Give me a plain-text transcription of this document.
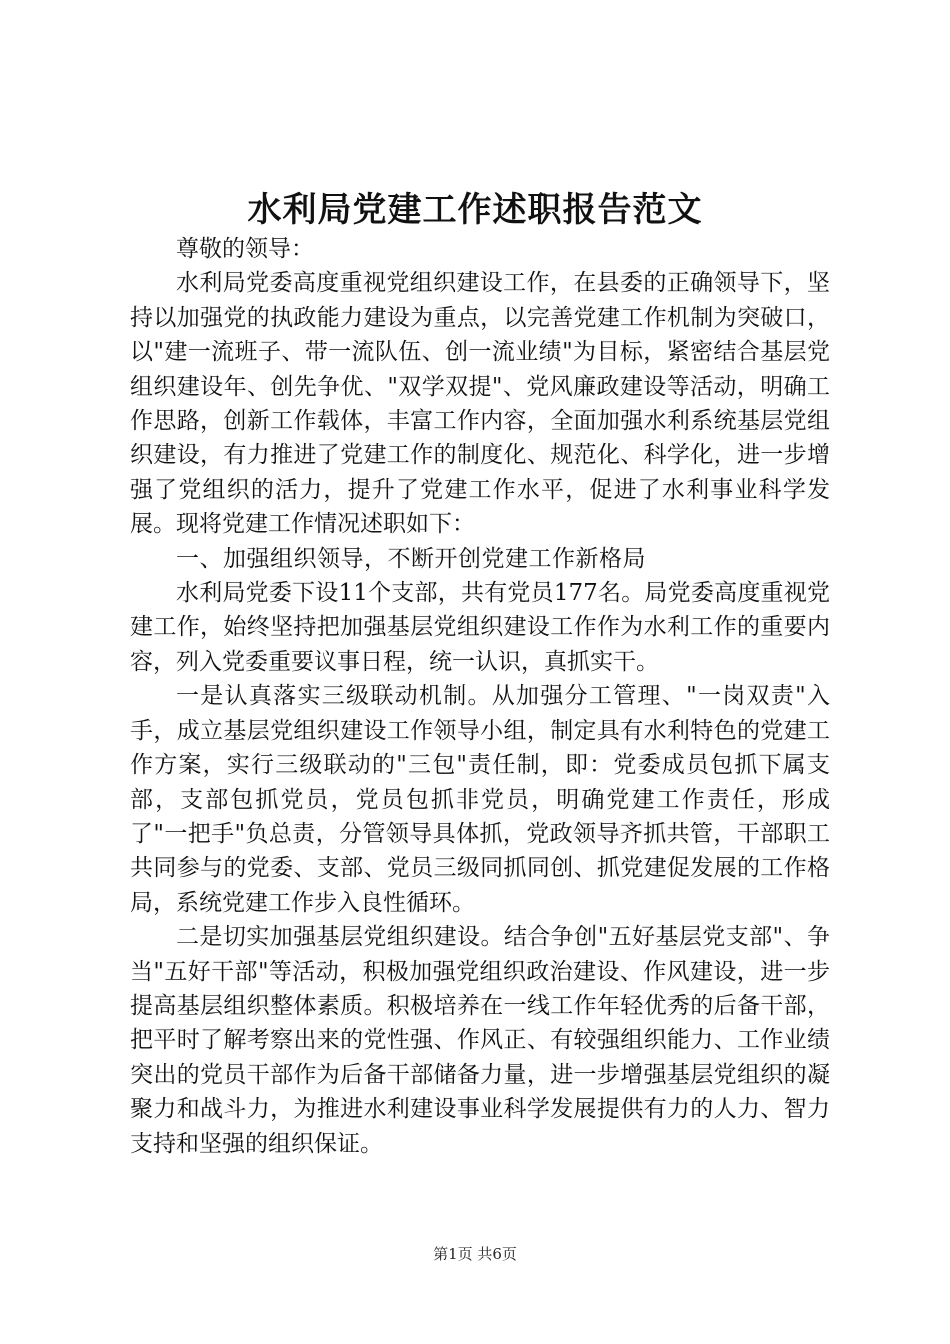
水利局党建工作述职报告范文

尊敬的领导：

水利局党委高度重视党组织建设工作，在县委的正确领导下，坚持以加强党的执政能力建设为重点，以完善党建工作机制为突破口，以"建一流班子、带一流队伍、创一流业绩"为目标，紧密结合基层党组织建设年、创先争优、"双学双提"、党风廉政建设等活动，明确工作思路，创新工作载体，丰富工作内容，全面加强水利系统基层党组织建设，有力推进了党建工作的制度化、规范化、科学化，进一步增强了党组织的活力，提升了党建工作水平，促进了水利事业科学发展。现将党建工作情况述职如下：

一、加强组织领导，不断开创党建工作新格局

水利局党委下设11个支部，共有党员177名。局党委高度重视党建工作，始终坚持把加强基层党组织建设工作作为水利工作的重要内容，列入党委重要议事日程，统一认识，真抓实干。

一是认真落实三级联动机制。从加强分工管理、"一岗双责"入手，成立基层党组织建设工作领导小组，制定具有水利特色的党建工作方案，实行三级联动的"三包"责任制，即：党委成员包抓下属支部，支部包抓党员，党员包抓非党员，明确党建工作责任，形成了"一把手"负总责，分管领导具体抓，党政领导齐抓共管，干部职工共同参与的党委、支部、党员三级同抓同创、抓党建促发展的工作格局，系统党建工作步入良性循环。

二是切实加强基层党组织建设。结合争创"五好基层党支部"、争当"五好干部"等活动，积极加强党组织政治建设、作风建设，进一步提高基层组织整体素质。积极培养在一线工作年轻优秀的后备干部，把平时了解考察出来的党性强、作风正、有较强组织能力、工作业绩突出的党员干部作为后备干部储备力量，进一步增强基层党组织的凝聚力和战斗力，为推进水利建设事业科学发展提供有力的人力、智力支持和坚强的组织保证。

第1页 共6页
